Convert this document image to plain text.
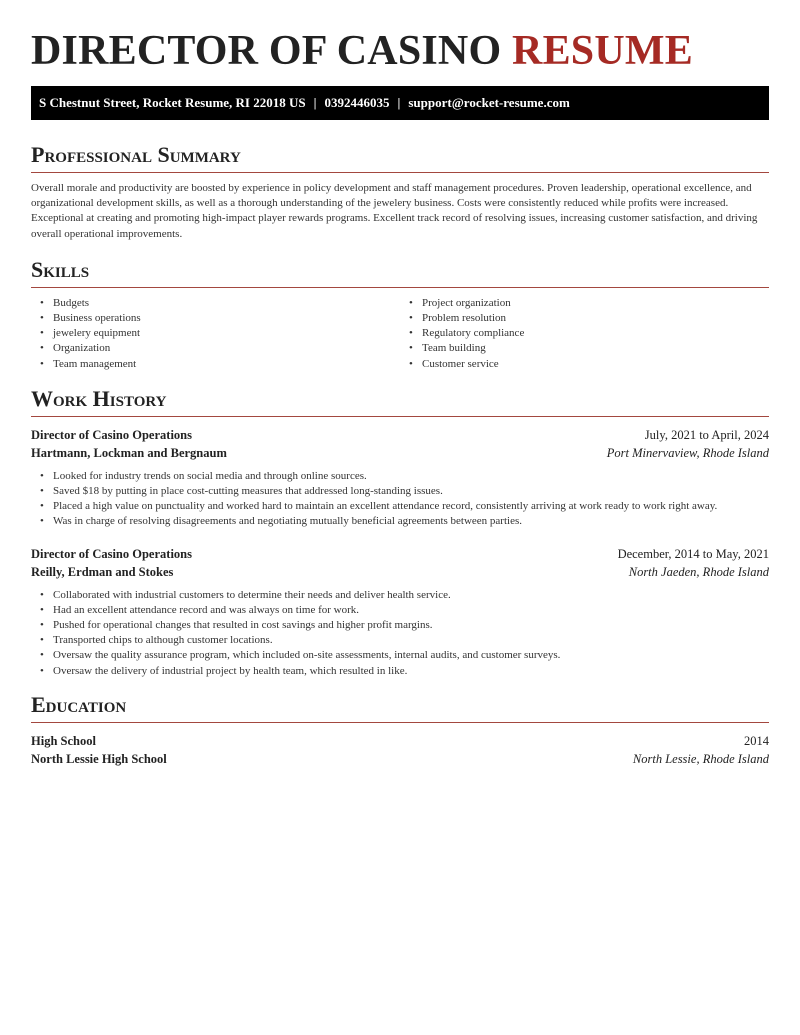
DIRECTOR OF CASINO RESUME
S Chestnut Street, Rocket Resume, RI 22018 US | 0392446035 | support@rocket-resume.com
Professional Summary

Overall morale and productivity are boosted by experience in policy development and staff management procedures. Proven leadership, operational excellence, and organizational development skills, as well as a thorough understanding of the jewelery business. Costs were consistently reduced while profits were increased. Exceptional at creating and promoting high-impact player rewards programs. Excellent track record of resolving issues, increasing customer satisfaction, and driving overall operational improvements.

Skills
• Budgets
• Business operations
• jewelery equipment
• Organization
• Team management
• Project organization
• Problem resolution
• Regulatory compliance
• Team building
• Customer service
Work History
Director of Casino Operations	July, 2021 to April, 2024
Hartmann, Lockman and Bergnaum	Port Minervaview, Rhode Island
• Looked for industry trends on social media and through online sources.
• Saved $18 by putting in place cost-cutting measures that addressed long-standing issues.
• Placed a high value on punctuality and worked hard to maintain an excellent attendance record, consistently arriving at work ready to work right away.
• Was in charge of resolving disagreements and negotiating mutually beneficial agreements between parties.
Director of Casino Operations	December, 2014 to May, 2021
Reilly, Erdman and Stokes	North Jaeden, Rhode Island
• Collaborated with industrial customers to determine their needs and deliver health service.
• Had an excellent attendance record and was always on time for work.
• Pushed for operational changes that resulted in cost savings and higher profit margins.
• Transported chips to although customer locations.
• Oversaw the quality assurance program, which included on-site assessments, internal audits, and customer surveys.
• Oversaw the delivery of industrial project by health team, which resulted in like.
Education
High School	2014
North Lessie High School	North Lessie, Rhode Island
